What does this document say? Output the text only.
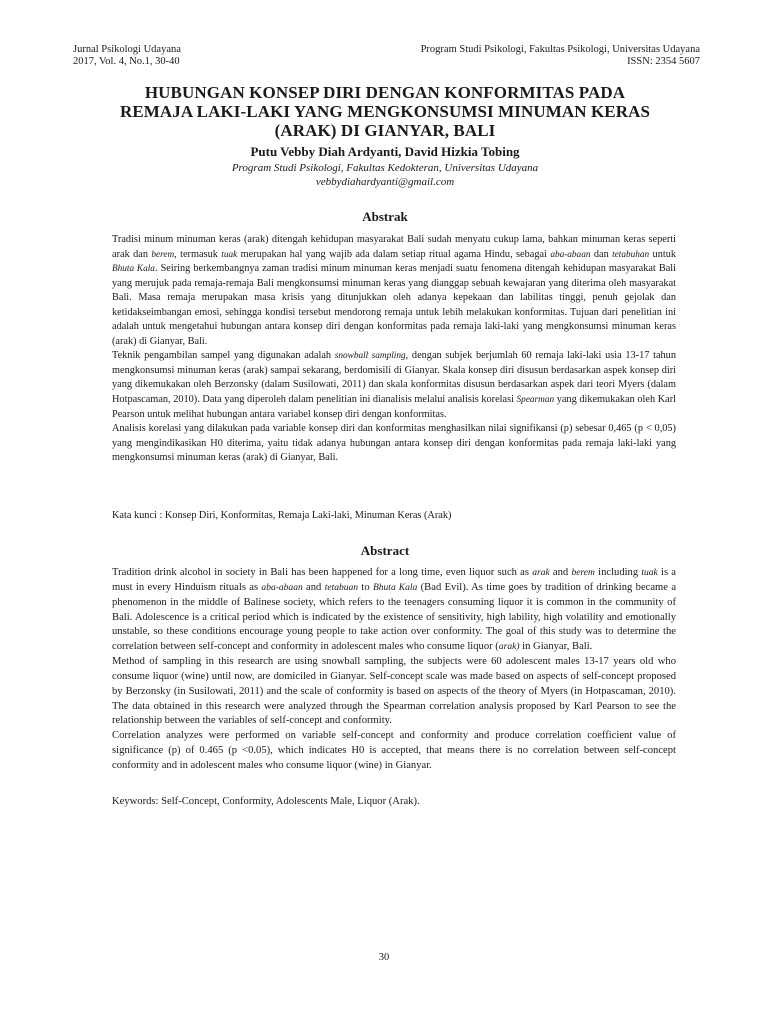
Jurnal Psikologi Udayana
2017, Vol. 4, No.1, 30-40
Program Studi Psikologi, Fakultas Psikologi, Universitas Udayana
ISSN: 2354 5607
HUBUNGAN KONSEP DIRI DENGAN KONFORMITAS PADA
REMAJA LAKI-LAKI YANG MENGKONSUMSI MINUMAN KERAS
(ARAK) DI GIANYAR, BALI
Putu Vebby Diah Ardyanti, David Hizkia Tobing
Program Studi Psikologi, Fakultas Kedokteran, Universitas Udayana
vebbydiahardyanti@gmail.com
Abstrak

Tradisi minum minuman keras (arak) ditengah kehidupan masyarakat Bali sudah menyatu cukup lama, bahkan minuman keras seperti arak dan berem, termasuk tuak merupakan hal yang wajib ada dalam setiap ritual agama Hindu, sebagai aba-abaan dan tetabuhan untuk Bhuta Kala. Seiring berkembangnya zaman tradisi minum minuman keras menjadi suatu fenomena ditengah kehidupan masyarakat Bali yang merujuk pada remaja-remaja Bali mengkonsumsi minuman keras yang dianggap sebuah kewajaran yang diterima oleh masyarakat Bali. Masa remaja merupakan masa krisis yang ditunjukkan oleh adanya kepekaan dan labilitas tinggi, penuh gejolak dan ketidakseimbangan emosi, sehingga kondisi tersebut mendorong remaja untuk lebih melakukan konformitas. Tujuan dari penelitian ini adalah untuk mengetahui hubungan antara konsep diri dengan konformitas pada remaja laki-laki yang mengkonsumsi minuman keras (arak) di Gianyar, Bali.

Teknik pengambilan sampel yang digunakan adalah snowball sampling, dengan subjek berjumlah 60 remaja laki-laki usia 13-17 tahun mengkonsumsi minuman keras (arak) sampai sekarang, berdomisili di Gianyar. Skala konsep diri disusun berdasarkan aspek konsep diri yang dikemukakan oleh Berzonsky (dalam Susilowati, 2011) dan skala konformitas disusun berdasarkan aspek dari teori Myers (dalam Hotpascaman, 2010). Data yang diperoleh dalam penelitian ini dianalisis melalui analisis korelasi Spearman yang dikemukakan oleh Karl Pearson untuk melihat hubungan antara variabel konsep diri dengan konformitas.

Analisis korelasi yang dilakukan pada variable konsep diri dan konformitas menghasilkan nilai signifikansi (p) sebesar 0,465 (p < 0,05) yang mengindikasikan H0 diterima, yaitu tidak adanya hubungan antara konsep diri dengan konformitas pada remaja laki-laki yang mengkonsumsi minuman keras (arak) di Gianyar, Bali.

Kata kunci : Konsep Diri, Konformitas, Remaja Laki-laki, Minuman Keras (Arak)
Abstract

Tradition drink alcohol in society in Bali has been happened for a long time, even liquor such as arak and berem including tuak is a must in every Hinduism rituals as aba-abaan and tetabuan to Bhuta Kala (Bad Evil). As time goes by tradition of drinking became a phenomenon in the middle of Balinese society, which refers to the teenagers consuming liquor it is common in the community of Bali. Adolescence is a critical period which is indicated by the existence of sensitivity, high lability, high volatility and emotionally unstable, so these conditions encourage young people to take action over conformity. The goal of this study was to determine the correlation between self-concept and conformity in adolescent males who consume liquor (arak) in Gianyar, Bali.

Method of sampling in this research are using snowball sampling, the subjects were 60 adolescent males 13-17 years old who consume liquor (wine) until now, are domiciled in Gianyar. Self-concept scale was made based on aspects of self-concept proposed by Berzonsky (in Susilowati, 2011) and the scale of conformity is based on aspects of the theory of Myers (in Hotpascaman, 2010). The data obtained in this research were analyzed through the Spearman correlation analysis proposed by Karl Pearson to see the relationship between the variables of self-concept and conformity.

Correlation analyzes were performed on variable self-concept and conformity and produce correlation coefficient value of significance (p) of 0.465 (p <0.05), which indicates H0 is accepted, that means there is no correlation between self-concept conformity and in adolescent males who consume liquor (wine) in Gianyar.

Keywords: Self-Concept, Conformity, Adolescents Male, Liquor (Arak).
30
